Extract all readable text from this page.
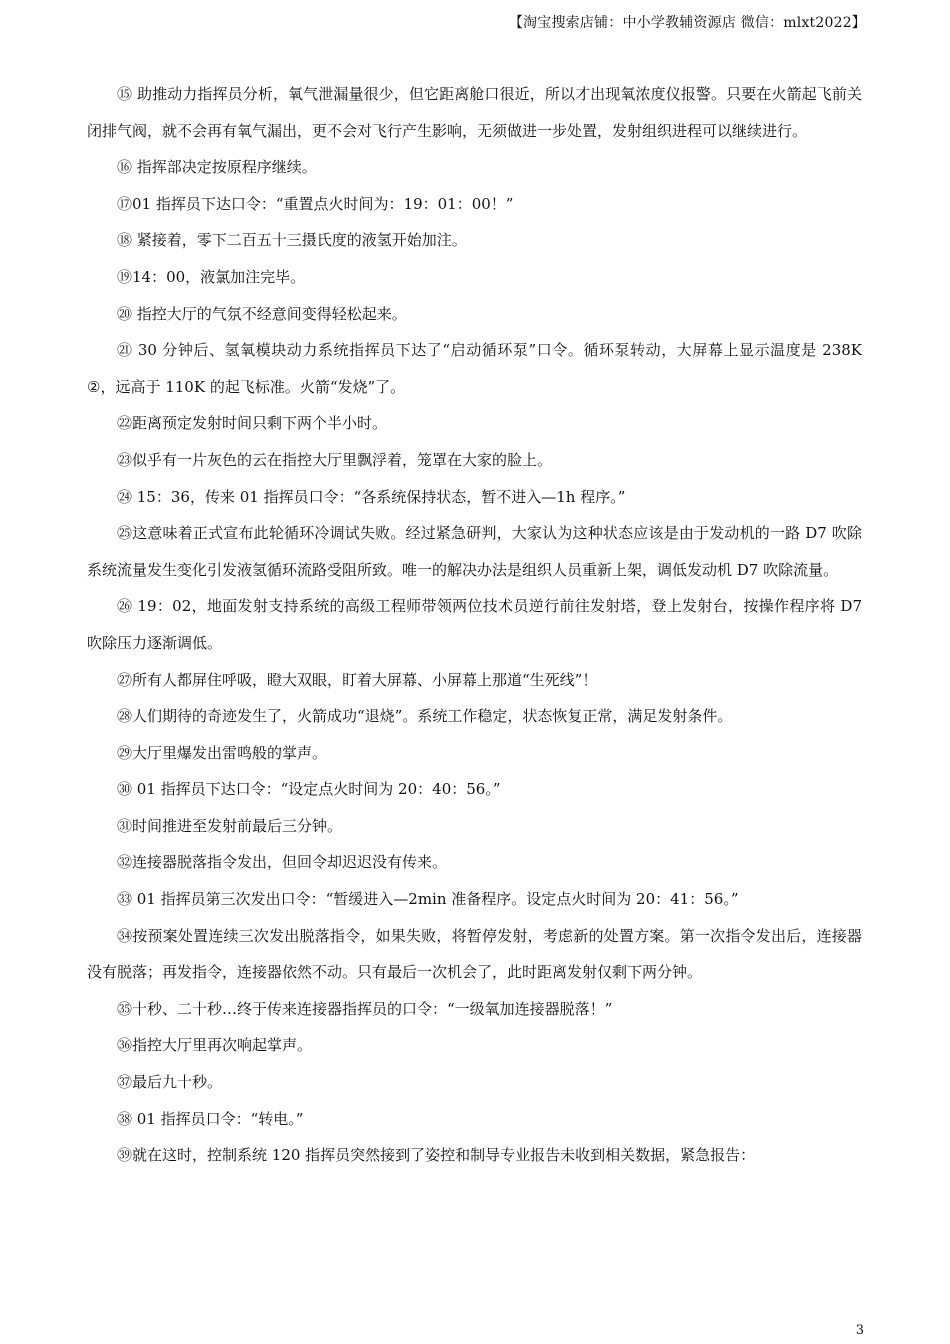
【淘宝搜索店铺：中小学教辅资源店 微信：mlxt2022】

⑮ 助推动力指挥员分析，氧气泄漏量很少，但它距离舱口很近，所以才出现氧浓度仪报警。只要在火箭起飞前关闭排气阀，就不会再有氧气漏出，更不会对飞行产生影响，无须做进一步处置，发射组织进程可以继续进行。

⑯ 指挥部决定按原程序继续。

⑰01 指挥员下达口令：“重置点火时间为：19：01：00！”

⑱ 紧接着，零下二百五十三摄氏度的液氢开始加注。

⑲14：00，液氯加注完毕。

⑳ 指控大厅的气氛不经意间变得轻松起来。

㉑ 30 分钟后、氢氧模块动力系统指挥员下达了“启动循环泵”口令。循环泵转动，大屏幕上显示温度是 238K②，远高于 110K 的起飞标准。火箭“发烧”了。

㉒距离预定发射时间只剩下两个半小时。

㉓似乎有一片灰色的云在指控大厅里飘浮着，笼罩在大家的脸上。

㉔ 15：36，传来 01 指挥员口令：“各系统保持状态，暂不进入—1h 程序。”

㉕这意味着正式宣布此轮循环冷调试失败。经过紧急研判，大家认为这种状态应该是由于发动机的一路 D7 吹除系统流量发生变化引发液氢循环流路受阻所致。唯一的解决办法是组织人员重新上架，调低发动机 D7 吹除流量。

㉖ 19：02，地面发射支持系统的高级工程师带领两位技术员逆行前往发射塔，登上发射台，按操作程序将 D7 吹除压力逐渐调低。

㉗所有人都屏住呼吸，瞪大双眼，盯着大屏幕、小屏幕上那道“生死线”！

㉘人们期待的奇迹发生了，火箭成功“退烧”。系统工作稳定，状态恢复正常，满足发射条件。

㉙大厅里爆发出雷鸣般的掌声。

㉚ 01 指挥员下达口令：“设定点火时间为 20：40：56。”

㉛时间推进至发射前最后三分钟。

㉜连接器脱落指令发出，但回令却迟迟没有传来。

㉝ 01 指挥员第三次发出口令：“暂缓进入—2min 准备程序。设定点火时间为 20：41：56。”

㉞按预案处置连续三次发出脱落指令，如果失败，将暂停发射，考虑新的处置方案。第一次指令发出后，连接器没有脱落；再发指令，连接器依然不动。只有最后一次机会了，此时距离发射仅剩下两分钟。

㉟十秒、二十秒…终于传来连接器指挥员的口令：“一级氧加连接器脱落！”

㊱指控大厅里再次响起掌声。

㊲最后九十秒。

㊳ 01 指挥员口令：“转电。”

㊴就在这时，控制系统 120 指挥员突然接到了姿控和制导专业报告未收到相关数据，紧急报告：

3
